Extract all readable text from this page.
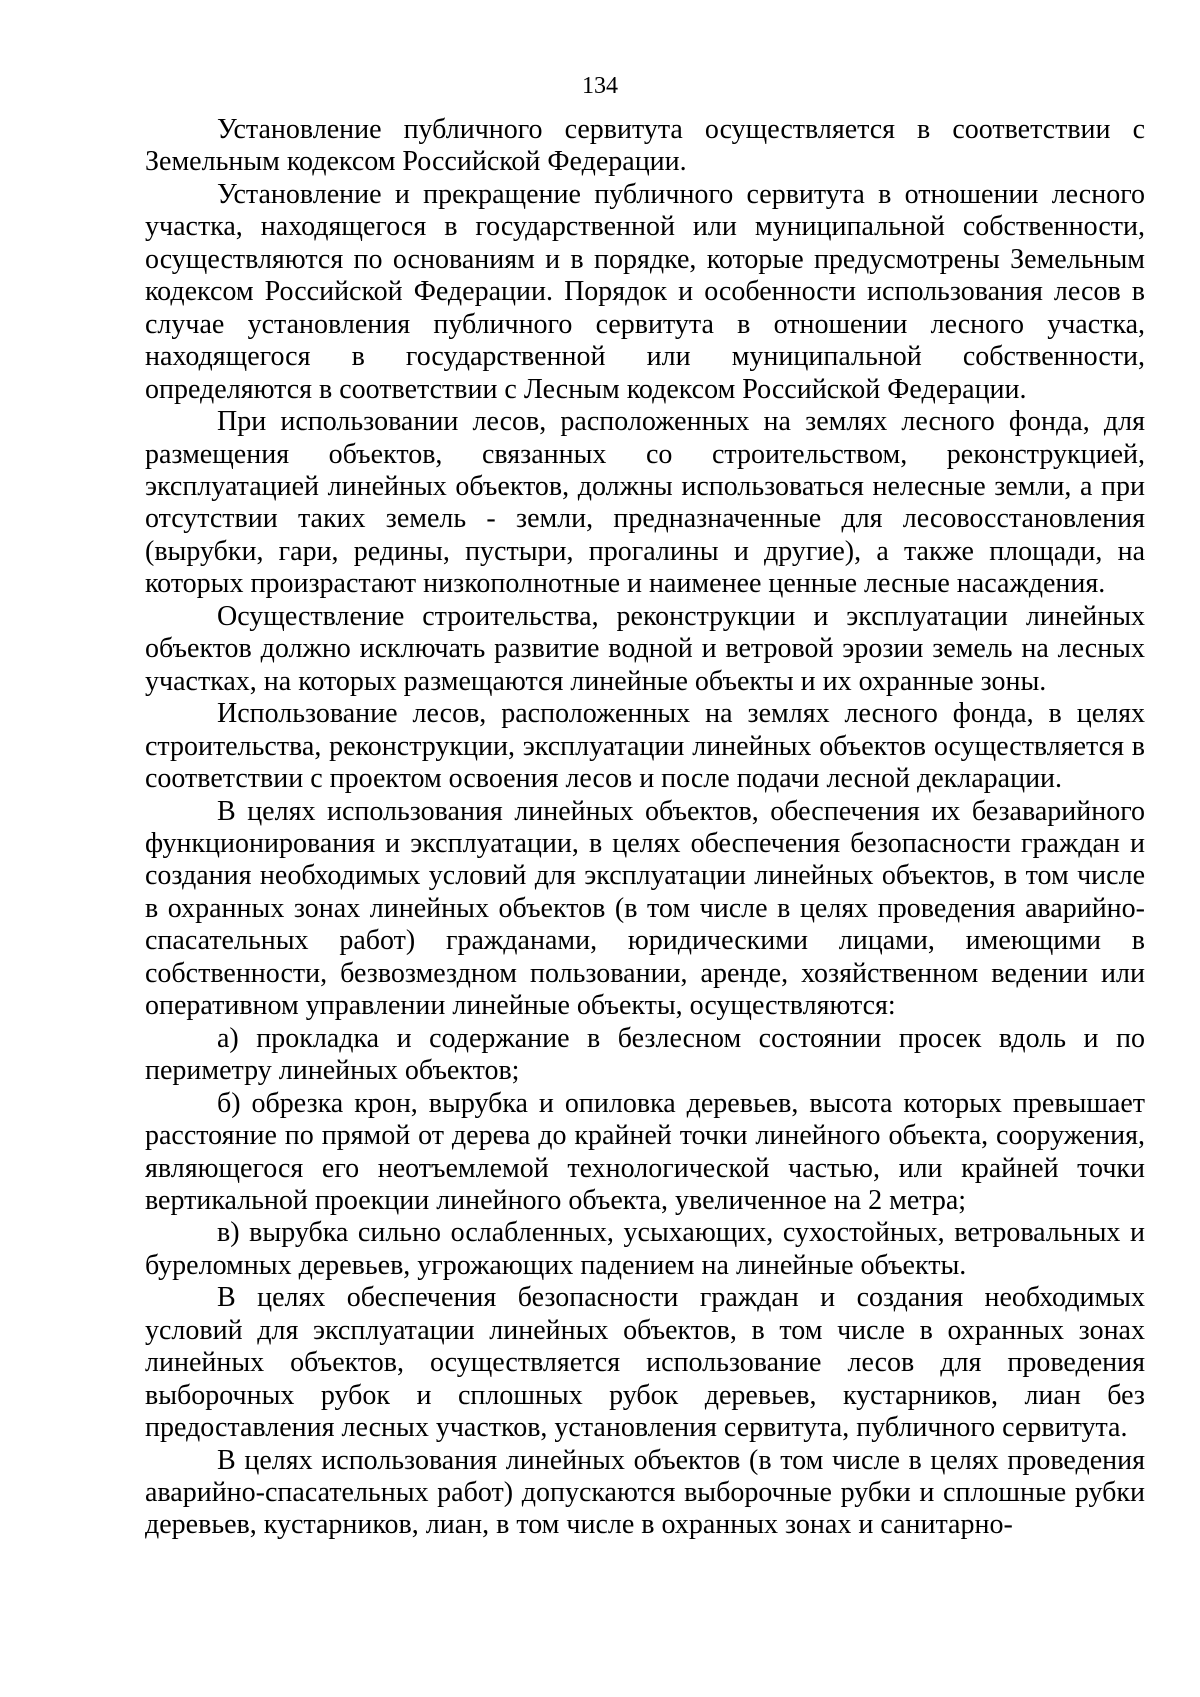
134

Установление публичного сервитута осуществляется в соответствии с Земельным кодексом Российской Федерации.

Установление и прекращение публичного сервитута в отношении лесного участка, находящегося в государственной или муниципальной собственности, осуществляются по основаниям и в порядке, которые предусмотрены Земельным кодексом Российской Федерации. Порядок и особенности использования лесов в случае установления публичного сервитута в отношении лесного участка, находящегося в государственной или муниципальной собственности, определяются в соответствии с Лесным кодексом Российской Федерации.

При использовании лесов, расположенных на землях лесного фонда, для размещения объектов, связанных со строительством, реконструкцией, эксплуатацией линейных объектов, должны использоваться нелесные земли, а при отсутствии таких земель - земли, предназначенные для лесовосстановления (вырубки, гари, редины, пустыри, прогалины и другие), а также площади, на которых произрастают низкополнотные и наименее ценные лесные насаждения.

Осуществление строительства, реконструкции и эксплуатации линейных объектов должно исключать развитие водной и ветровой эрозии земель на лесных участках, на которых размещаются линейные объекты и их охранные зоны.

Использование лесов, расположенных на землях лесного фонда, в целях строительства, реконструкции, эксплуатации линейных объектов осуществляется в соответствии с проектом освоения лесов и после подачи лесной декларации.

В целях использования линейных объектов, обеспечения их безаварийного функционирования и эксплуатации, в целях обеспечения безопасности граждан и создания необходимых условий для эксплуатации линейных объектов, в том числе в охранных зонах линейных объектов (в том числе в целях проведения аварийно-спасательных работ) гражданами, юридическими лицами, имеющими в собственности, безвозмездном пользовании, аренде, хозяйственном ведении или оперативном управлении линейные объекты, осуществляются:

а) прокладка и содержание в безлесном состоянии просек вдоль и по периметру линейных объектов;

б) обрезка крон, вырубка и опиловка деревьев, высота которых превышает расстояние по прямой от дерева до крайней точки линейного объекта, сооружения, являющегося его неотъемлемой технологической частью, или крайней точки вертикальной проекции линейного объекта, увеличенное на 2 метра;

в) вырубка сильно ослабленных, усыхающих, сухостойных, ветровальных и буреломных деревьев, угрожающих падением на линейные объекты.

В целях обеспечения безопасности граждан и создания необходимых условий для эксплуатации линейных объектов, в том числе в охранных зонах линейных объектов, осуществляется использование лесов для проведения выборочных рубок и сплошных рубок деревьев, кустарников, лиан без предоставления лесных участков, установления сервитута, публичного сервитута.

В целях использования линейных объектов (в том числе в целях проведения аварийно-спасательных работ) допускаются выборочные рубки и сплошные рубки деревьев, кустарников, лиан, в том числе в охранных зонах и санитарно-
